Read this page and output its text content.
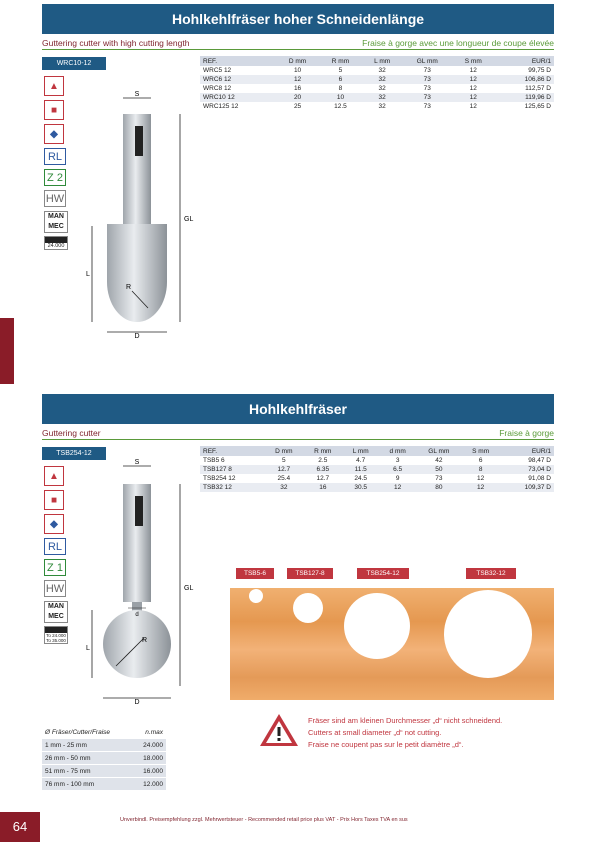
Hohlkehlfräser hoher Schneidenlänge
Guttering cutter with high cutting length	Fraise à gorge avec une longueur de coupe élevée
WRC10-12
▲
■
◆
RL
Z 2
HW
MAN
MEC
24.000
S
GL
L
R
D
REF.	D mm	R mm	L mm	GL mm	S mm	EUR/1
WRC5 12	10	5	32	73	12	99,75 D
WRC6 12	12	6	32	73	12	106,86 D
WRC8 12	16	8	32	73	12	112,57 D
WRC10 12	20	10	32	73	12	119,96 D
WRC125 12	25	12.5	32	73	12	125,65 D
Hohlkehlfräser
Guttering cutter	Fraise à gorge
TSB254-12
▲
■
◆
RL
Z 1
HW
MAN
MEC
To 24.000
To 35.000
S
GL
L
d
R
D
REF.	D mm	R mm	L mm	d mm	GL mm	S mm	EUR/1
TSB5 6	5	2.5	4.7	3	42	6	98,47 D
TSB127 8	12.7	6.35	11.5	6.5	50	8	73,04 D
TSB254 12	25.4	12.7	24.5	9	73	12	91,08 D
TSB32 12	32	16	30.5	12	80	12	109,37 D
TSB5-6	TSB127-8	TSB254-12	TSB32-12
Ø Fräser/Cutter/Fraise	n.max
1 mm - 25 mm	24.000
26 mm - 50 mm	18.000
51 mm - 75 mm	16.000
76 mm - 100 mm	12.000
Fräser sind am kleinen Durchmesser „d“ nicht schneidend.
Cutters at small diameter „d“ not cutting.
Fraise ne coupent pas sur le petit diamètre „d“.
64	Unverbindl. Preisempfehlung zzgl. Mehrwertsteuer - Recommended retail price plus VAT - Prix Hors Taxes TVA en sus
